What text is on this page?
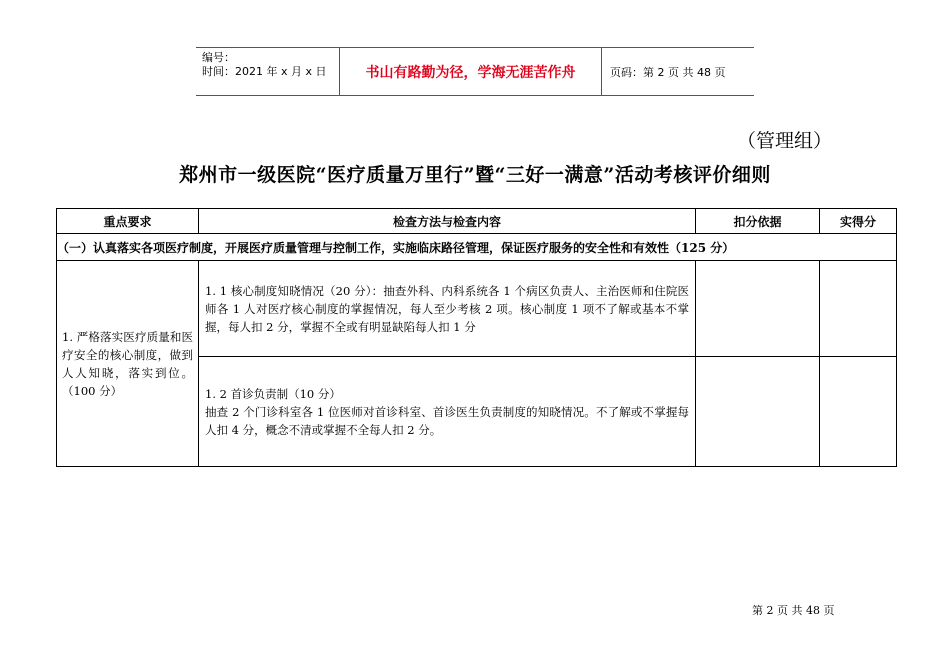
编号：
时间：2021 年 x 月 x 日	书山有路勤为径，学海无涯苦作舟	页码：第 2 页 共 48 页
（管理组）
郑州市一级医院“医疗质量万里行”暨“三好一满意”活动考核评价细则
重点要求	检查方法与检查内容	扣分依据	实得分
（一）认真落实各项医疗制度，开展医疗质量管理与控制工作，实施临床路径管理，保证医疗服务的安全性和有效性（125 分）			
1. 严格落实医疗质量和医疗安全的核心制度，做到人人知晓，落实到位。（100 分）	1. 1 核心制度知晓情况（20 分）：抽查外科、内科系统各 1 个病区负责人、主治医师和住院医师各 1 人对医疗核心制度的掌握情况，每人至少考核 2 项。核心制度 1 项不了解或基本不掌握，每人扣 2 分，掌握不全或有明显缺陷每人扣 1 分		

	1. 2 首诊负责制（10 分）
抽查 2 个门诊科室各 1 位医师对首诊科室、首诊医生负责制度的知晓情况。不了解或不掌握每人扣 4 分，概念不清或掌握不全每人扣 2 分。		

第 2 页 共 48 页
